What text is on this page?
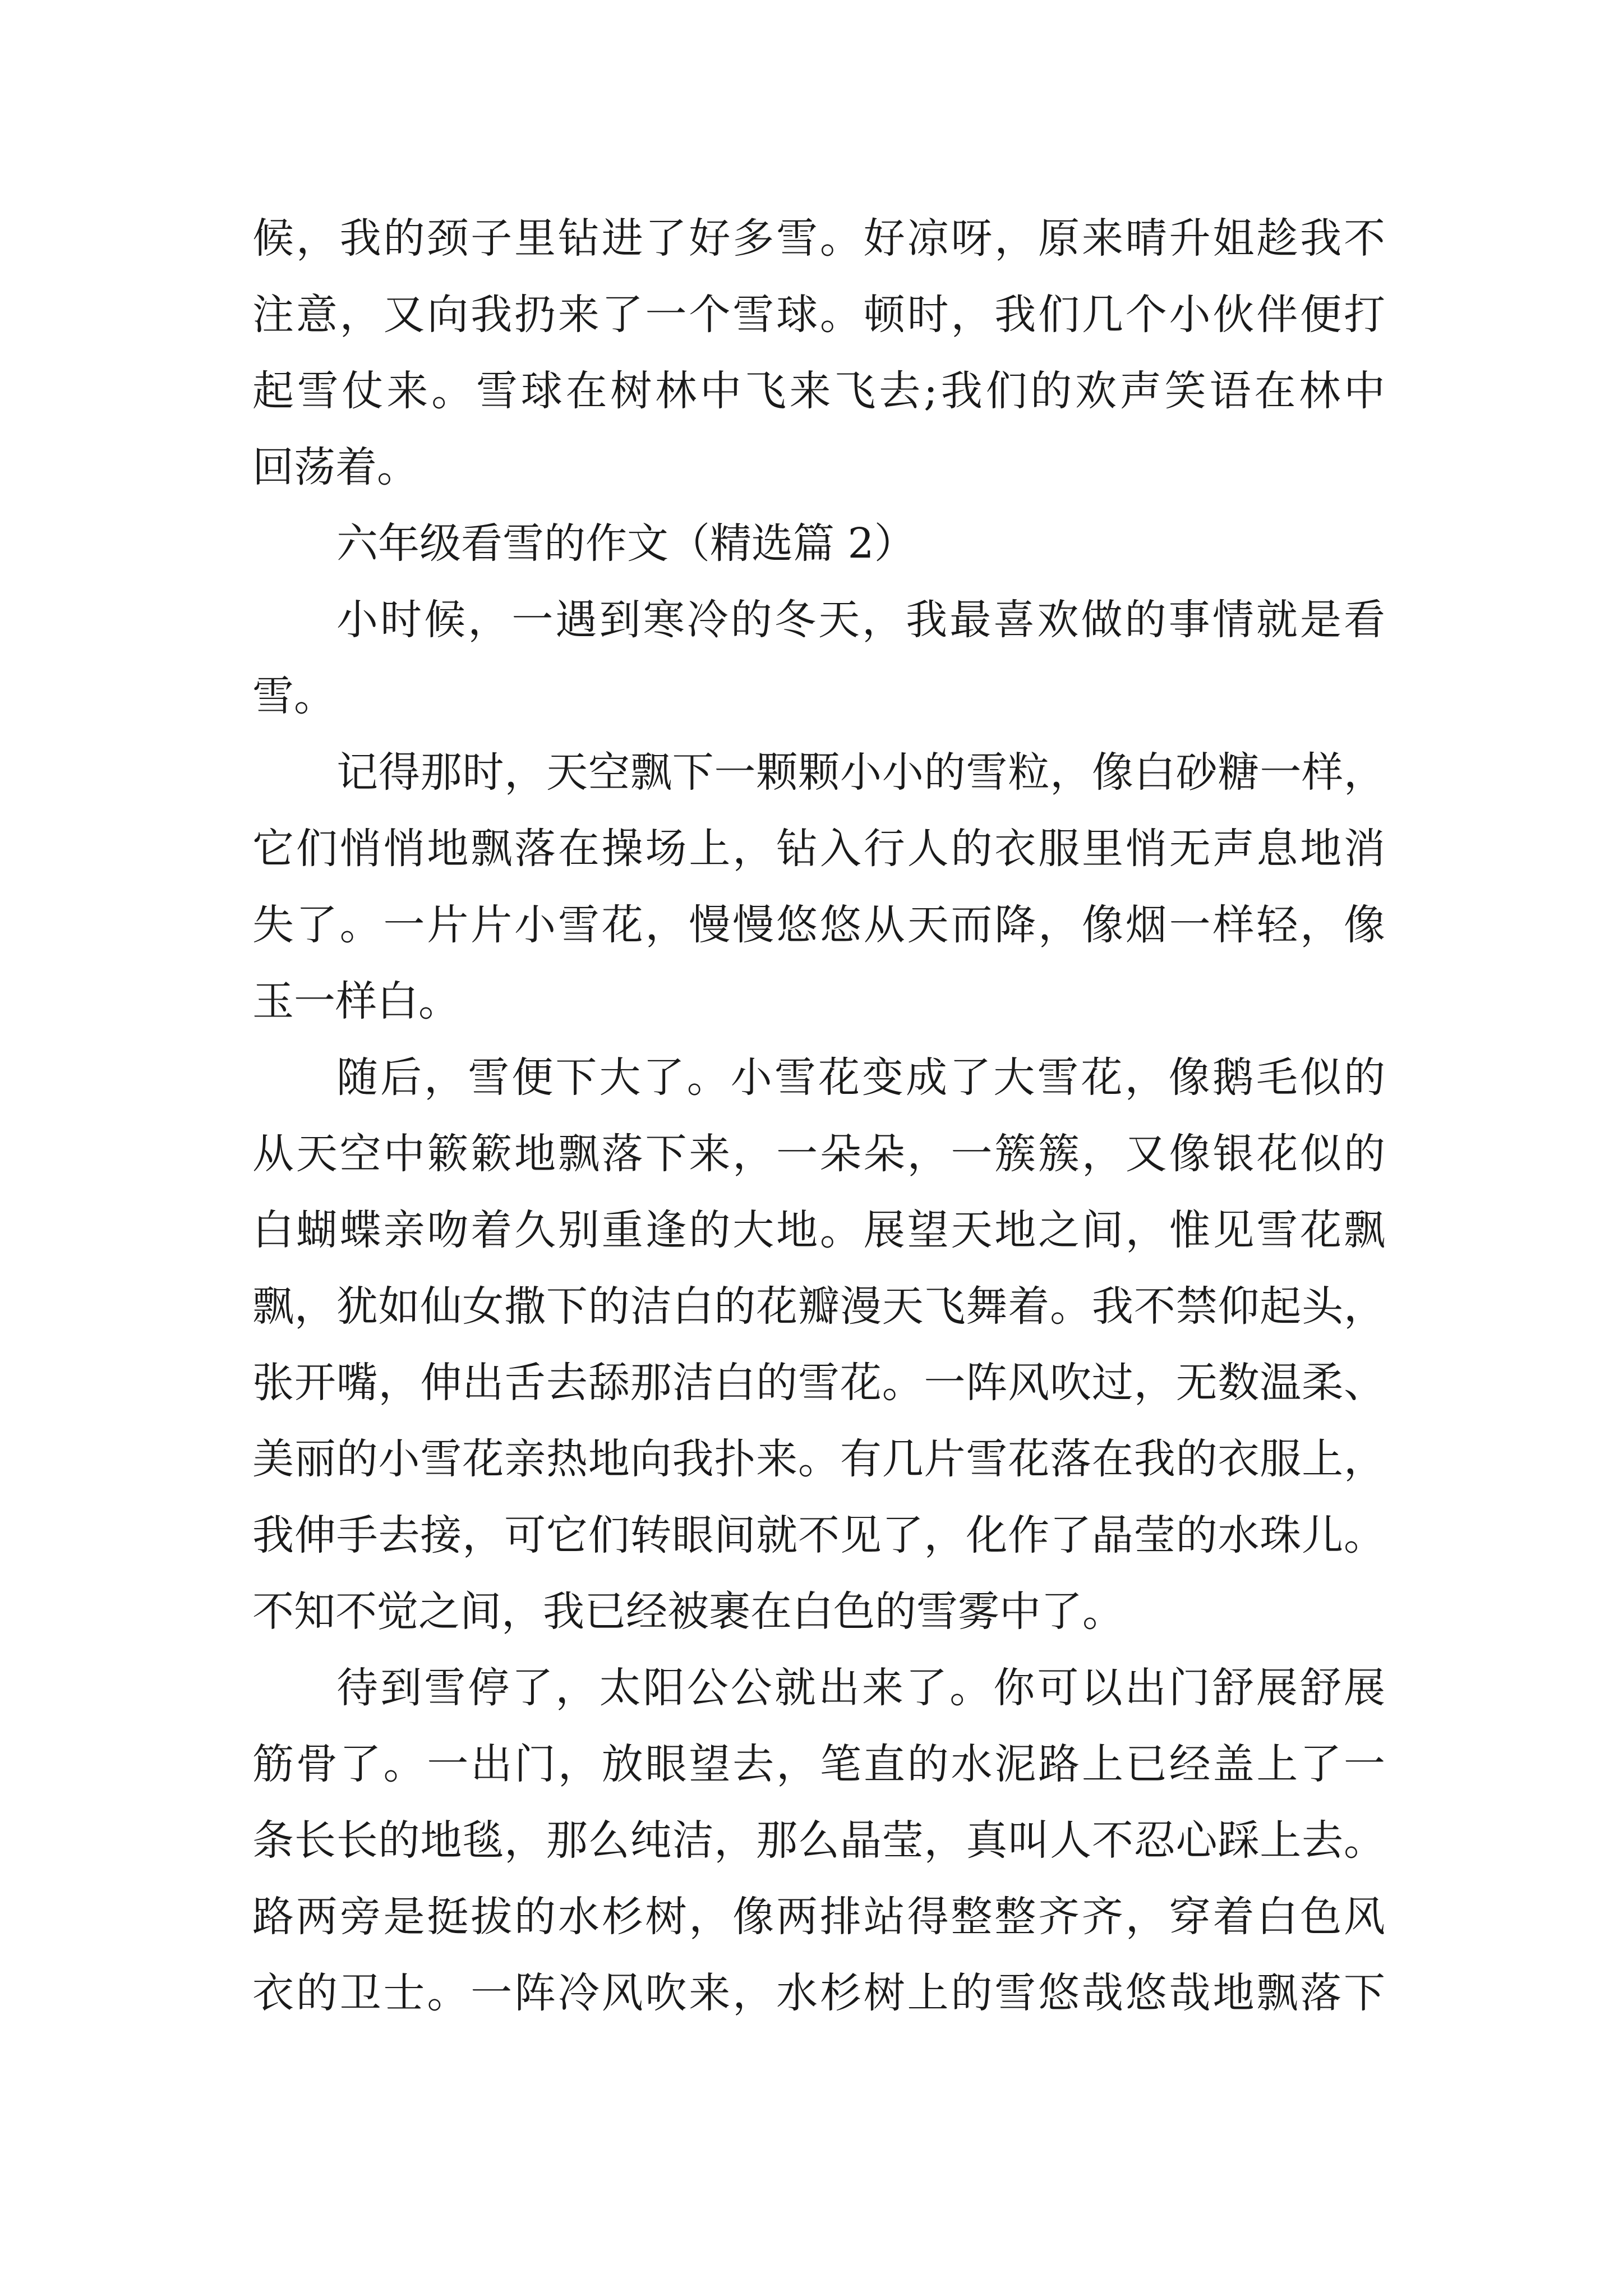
候，我的颈子里钻进了好多雪。好凉呀，原来晴升姐趁我不
注意，又向我扔来了一个雪球。顿时，我们几个小伙伴便打
起雪仗来。雪球在树林中飞来飞去;我们的欢声笑语在林中
回荡着。
六年级看雪的作文（精选篇 2）
小时候，一遇到寒冷的冬天，我最喜欢做的事情就是看
雪。
记得那时，天空飘下一颗颗小小的雪粒，像白砂糖一样，
它们悄悄地飘落在操场上，钻入行人的衣服里悄无声息地消
失了。一片片小雪花，慢慢悠悠从天而降，像烟一样轻，像
玉一样白。
随后，雪便下大了。小雪花变成了大雪花，像鹅毛似的
从天空中簌簌地飘落下来，一朵朵，一簇簇，又像银花似的
白蝴蝶亲吻着久别重逢的大地。展望天地之间，惟见雪花飘
飘，犹如仙女撒下的洁白的花瓣漫天飞舞着。我不禁仰起头，
张开嘴，伸出舌去舔那洁白的雪花。一阵风吹过，无数温柔、
美丽的小雪花亲热地向我扑来。有几片雪花落在我的衣服上，
我伸手去接，可它们转眼间就不见了，化作了晶莹的水珠儿。
不知不觉之间，我已经被裹在白色的雪雾中了。
待到雪停了，太阳公公就出来了。你可以出门舒展舒展
筋骨了。一出门，放眼望去，笔直的水泥路上已经盖上了一
条长长的地毯，那么纯洁，那么晶莹，真叫人不忍心踩上去。
路两旁是挺拔的水杉树，像两排站得整整齐齐，穿着白色风
衣的卫士。一阵冷风吹来，水杉树上的雪悠哉悠哉地飘落下
